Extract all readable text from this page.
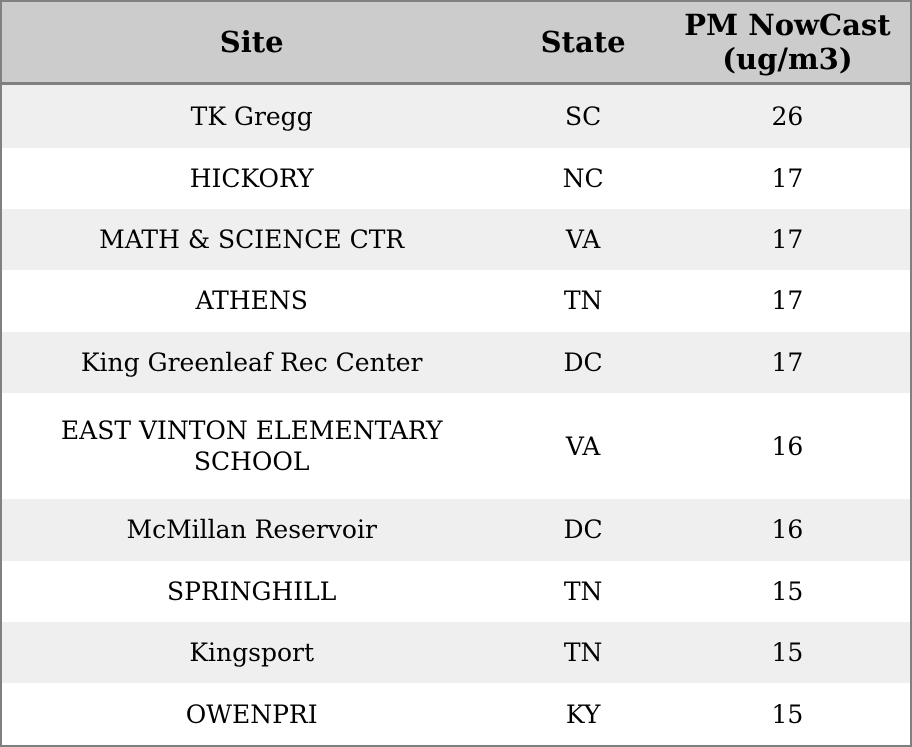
Site	State	PM NowCast (ug/m3)
TK Gregg	SC	26
HICKORY	NC	17
MATH & SCIENCE CTR	VA	17
ATHENS	TN	17
King Greenleaf Rec Center	DC	17
EAST VINTON ELEMENTARY SCHOOL	VA	16
McMillan Reservoir	DC	16
SPRINGHILL	TN	15
Kingsport	TN	15
OWENPRI	KY	15
